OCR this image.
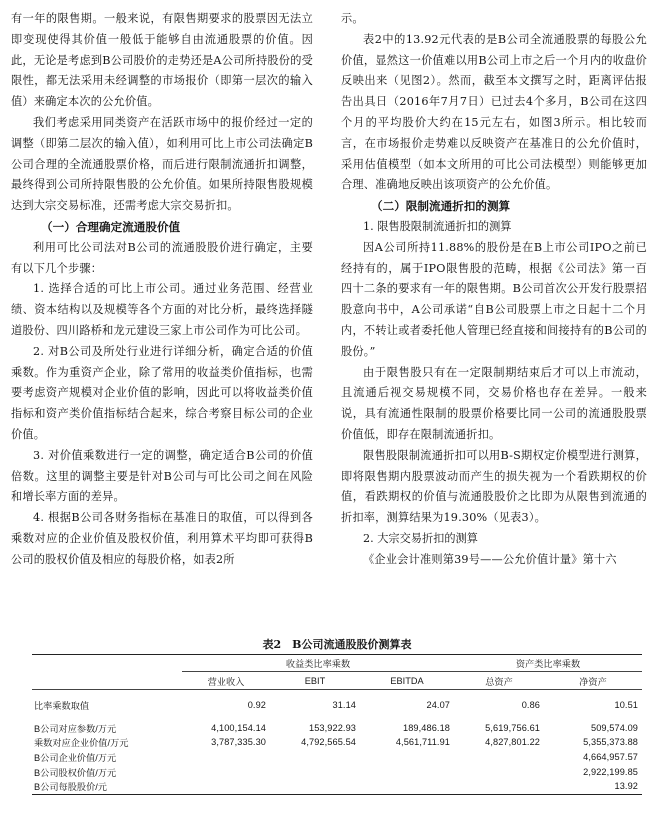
有一年的限售期。一般来说，有限售期要求的股票因无法立即变现使得其价值一般低于能够自由流通股票的价值。因此，无论是考虑到B公司股价的走势还是A公司所持股份的受限性，都无法采用未经调整的市场报价（即第一层次的输入值）来确定本次的公允价值。

我们考虑采用同类资产在活跃市场中的报价经过一定的调整（即第二层次的输入值），如利用可比上市公司法确定B公司合理的全流通股票价格，而后进行限制流通折扣调整，最终得到公司所持限售股的公允价值。如果所持限售股规模达到大宗交易标准，还需考虑大宗交易折扣。

（一）合理确定流通股价值

利用可比公司法对B公司的流通股股价进行确定，主要有以下几个步骤：

1. 选择合适的可比上市公司。通过业务范围、经营业绩、资本结构以及规模等各个方面的对比分析，最终选择隧道股份、四川路桥和龙元建设三家上市公司作为可比公司。

2. 对B公司及所处行业进行详细分析，确定合适的价值乘数。作为重资产企业，除了常用的收益类价值指标，也需要考虑资产规模对企业价值的影响，因此可以将收益类价值指标和资产类价值指标结合起来，综合考察目标公司的企业价值。

3. 对价值乘数进行一定的调整，确定适合B公司的价值倍数。这里的调整主要是针对B公司与可比公司之间在风险和增长率方面的差异。

4. 根据B公司各财务指标在基准日的取值，可以得到各乘数对应的企业价值及股权价值，利用算术平均即可获得B公司的股权价值及相应的每股价格，如表2所

示。

表2中的13.92元代表的是B公司全流通股票的每股公允价值，显然这一价值难以用B公司上市之后一个月内的收盘价反映出来（见图2）。然而，截至本文撰写之时，距离评估报告出具日（2016年7月7日）已过去4个多月，B公司在这四个月的平均股价大约在15元左右，如图3所示。相比较而言，在市场报价走势难以反映资产在基准日的公允价值时，采用估值模型（如本文所用的可比公司法模型）则能够更加合理、准确地反映出该项资产的公允价值。

（二）限制流通折扣的测算
1. 限售股限制流通折扣的测算

因A公司所持11.88%的股份是在B上市公司IPO之前已经持有的，属于IPO限售股的范畴，根据《公司法》第一百四十二条的要求有一年的限售期。B公司首次公开发行股票招股意向书中，A公司承诺“自B公司股票上市之日起十二个月内，不转让或者委托他人管理已经直接和间接持有的B公司的股份。”

由于限售股只有在一定限制期结束后才可以上市流动，且流通后视交易规模不同，交易价格也存在差异。一般来说，具有流通性限制的股票价格要比同一公司的流通股股票价值低，即存在限制流通折扣。

限售股限制流通折扣可以用B-S期权定价模型进行测算，即将限售期内股票波动而产生的损失视为一个看跌期权的价值，看跌期权的价值与流通股股价之比即为从限售到流通的折扣率，测算结果为19.30%（见表3）。

2. 大宗交易折扣的测算

《企业会计准则第39号——公允价值计量》第十六

表2　B公司流通股股价测算表
	收益类比率乘数			资产类比率乘数	
	营业收入	EBIT	EBITDA	总资产	净资产

比率乘数取值	0.92	31.14	24.07	0.86	10.51

B公司对应参数/万元	4,100,154.14	153,922.93	189,486.18	5,619,756.61	509,574.09
乘数对应企业价值/万元	3,787,335.30	4,792,565.54	4,561,711.91	4,827,801.22	5,355,373.88
B公司企业价值/万元					4,664,957.57
B公司股权价值/万元					2,922,199.85
B公司每股股价/元					13.92
